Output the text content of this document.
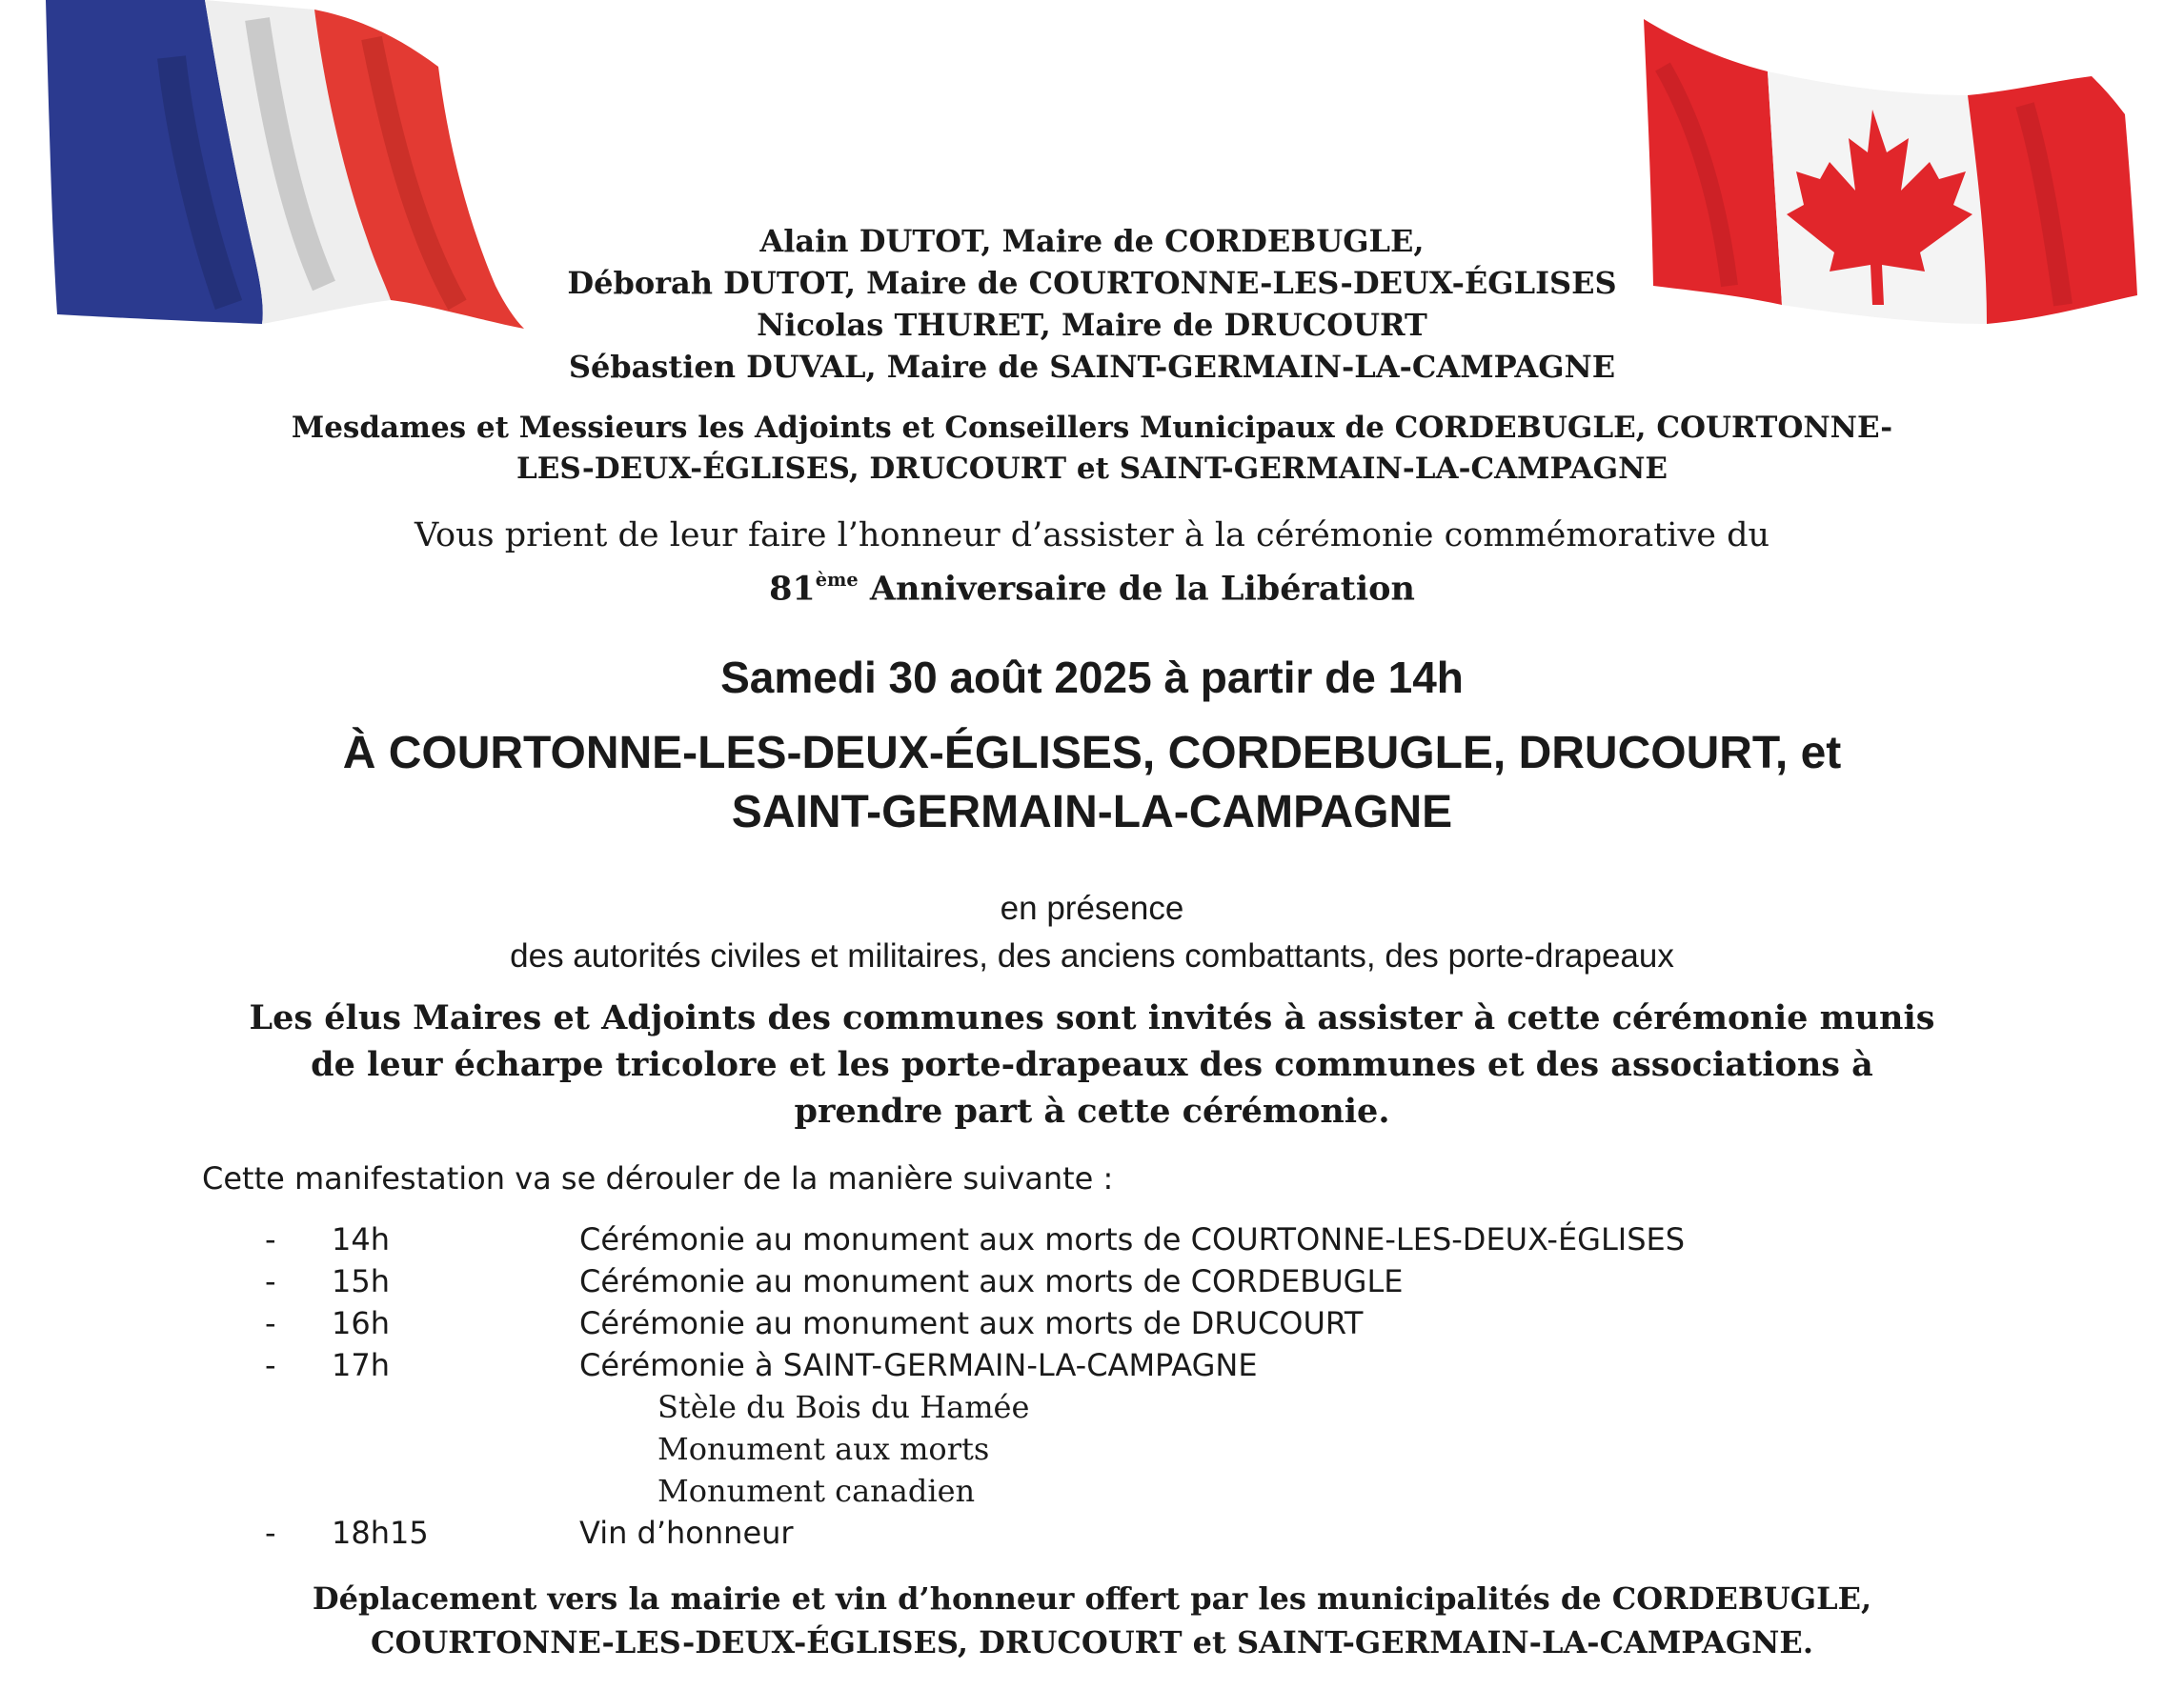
Alain DUTOT, Maire de CORDEBUGLE,
Déborah DUTOT, Maire de COURTONNE-LES-DEUX-ÉGLISES
Nicolas THURET, Maire de DRUCOURT
Sébastien DUVAL, Maire de SAINT-GERMAIN-LA-CAMPAGNE
Mesdames et Messieurs les Adjoints et Conseillers Municipaux de CORDEBUGLE, COURTONNE-
LES-DEUX-ÉGLISES, DRUCOURT et SAINT-GERMAIN-LA-CAMPAGNE
Vous prient de leur faire l’honneur d’assister à la cérémonie commémorative du
81ème Anniversaire de la Libération
Samedi 30 août 2025 à partir de 14h
À COURTONNE-LES-DEUX-ÉGLISES, CORDEBUGLE, DRUCOURT, et
SAINT-GERMAIN-LA-CAMPAGNE
en présence
des autorités civiles et militaires, des anciens combattants, des porte-drapeaux
Les élus Maires et Adjoints des communes sont invités à assister à cette cérémonie munis
de leur écharpe tricolore et les porte-drapeaux des communes et des associations à
prendre part à cette cérémonie.
Cette manifestation va se dérouler de la manière suivante :
- 14h	Cérémonie au monument aux morts de COURTONNE-LES-DEUX-ÉGLISES
- 15h	Cérémonie au monument aux morts de CORDEBUGLE
- 16h	Cérémonie au monument aux morts de DRUCOURT
- 17h	Cérémonie à SAINT-GERMAIN-LA-CAMPAGNE
Stèle du Bois du Hamée
Monument aux morts
Monument canadien
- 18h15	Vin d’honneur
Déplacement vers la mairie et vin d’honneur offert par les municipalités de CORDEBUGLE,
COURTONNE-LES-DEUX-ÉGLISES, DRUCOURT et SAINT-GERMAIN-LA-CAMPAGNE.
